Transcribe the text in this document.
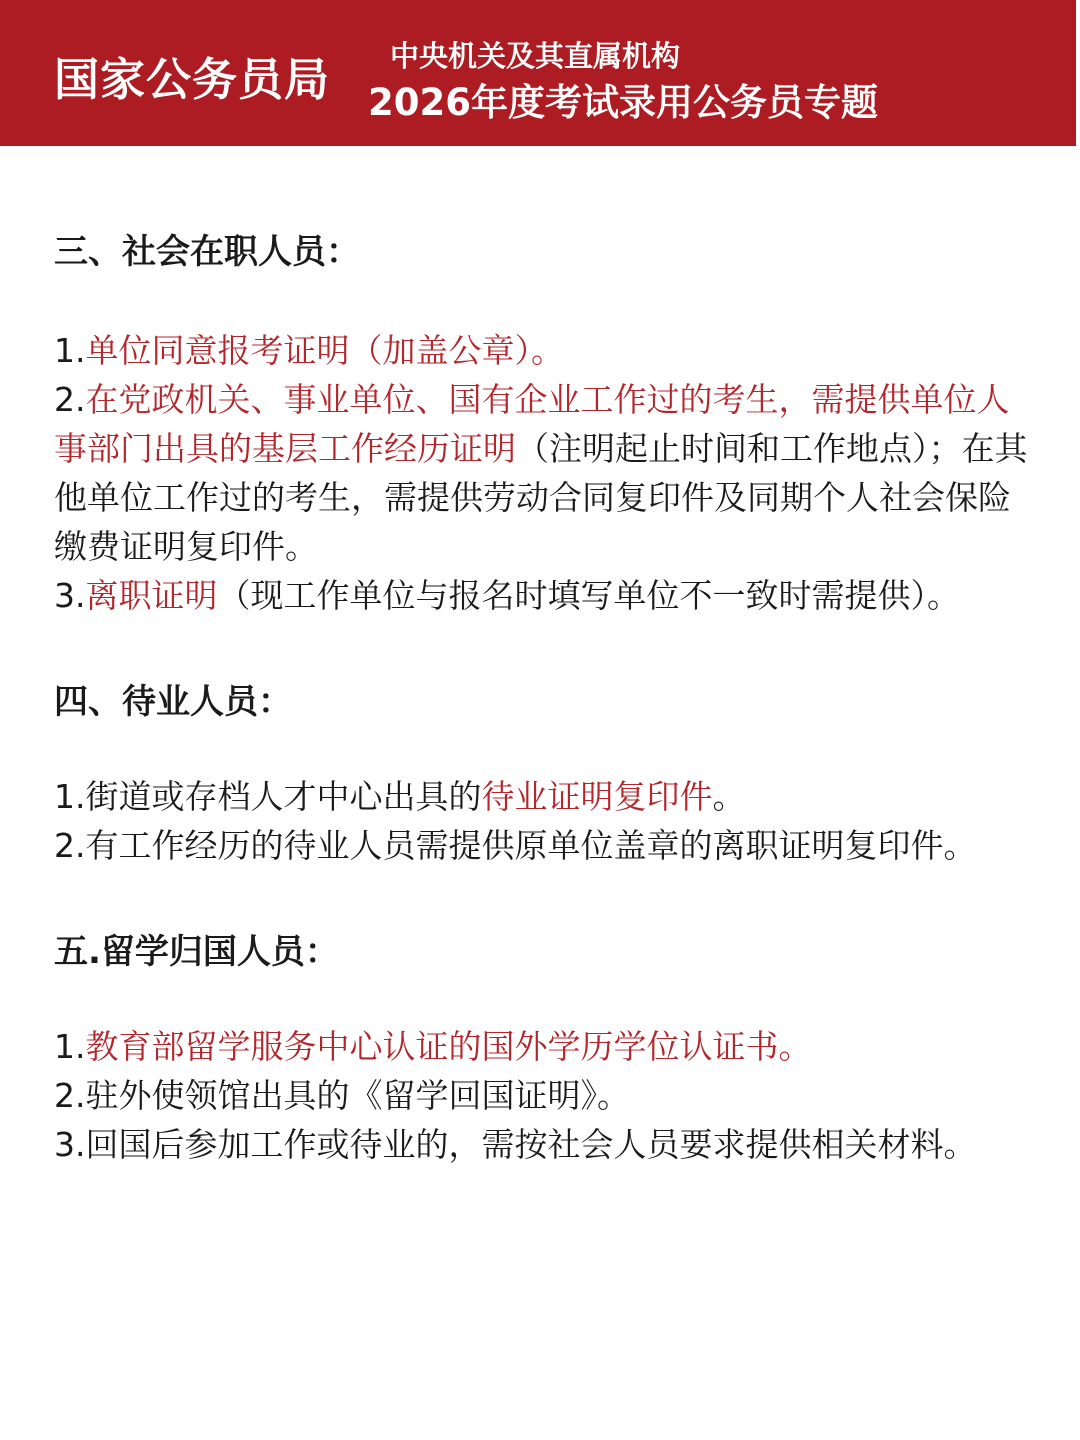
国家公务员局 中央机关及其直属机构
2026年度考试录用公务员专题
三、社会在职人员：
1.单位同意报考证明（加盖公章）。
2.在党政机关、事业单位、国有企业工作过的考生，需提供单位人事部门出具的基层工作经历证明（注明起止时间和工作地点）；在其他单位工作过的考生，需提供劳动合同复印件及同期个人社会保险缴费证明复印件。
3.离职证明（现工作单位与报名时填写单位不一致时需提供）。
四、待业人员：
1.街道或存档人才中心出具的待业证明复印件。
2.有工作经历的待业人员需提供原单位盖章的离职证明复印件。
五.留学归国人员：
1.教育部留学服务中心认证的国外学历学位认证书。
2.驻外使领馆出具的《留学回国证明》。
3.回国后参加工作或待业的，需按社会人员要求提供相关材料。
